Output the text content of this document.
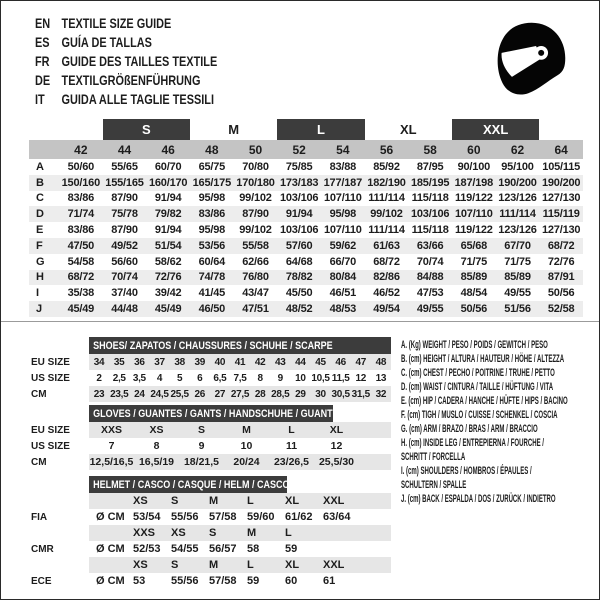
EN TEXTILE SIZE GUIDE
ES GUÍA DE TALLAS
FR GUIDE DES TAILLES TEXTILE
DE TEXTILGRÖßENFÜHRUNG
IT	GUIDA ALLE TAGLIE TESSILI
S	M	L	XL	XXL
42	44	46	48	50	52	54	56	58	60	62	64
A	50/60	55/65	60/70	65/75	70/80	75/85	83/88	85/92	87/95	90/100	95/100 105/115
B	150/160 155/165 160/170 165/175 170/180 173/183 177/187 182/190 185/195 187/198 190/200 190/200
C	83/86	87/90	91/94	95/98	99/102 103/106 107/110 111/114 115/118 119/122 123/126 127/130
D	71/74	75/78	79/82	83/86	87/90	91/94	95/98	99/102 103/106 107/110 111/114 115/119
E	83/86	87/90	91/94	95/98	99/102 103/106 107/110 111/114 115/118 119/122 123/126 127/130
F	47/50	49/52	51/54	53/56	55/58	57/60	59/62	61/63	63/66	65/68	67/70	68/72
G	54/58	56/60	58/62	60/64	62/66	64/68	66/70	68/72	70/74	71/75	71/75	72/76
H	68/72	70/74	72/76	74/78	76/80	78/82	80/84	82/86	84/88	85/89	85/89	87/91
I	35/38	37/40	39/42	41/45	43/47	45/50	46/51	46/52	47/53	48/54	49/55	50/56
J	45/49	44/48	45/49	46/50	47/51	48/52	48/53	49/54	49/55	50/56	51/56	52/58
SHOES/ ZAPATOS / CHAUSSURES / SCHUHE / SCARPE
EU SIZE	34 35 36 37 38 39 40 41 42 43 44 45 46 47 48
US SIZE	2	2,5 3,5	4	5	6	6,5 7,5	8	9	10 10,5 11,5 12 13
CM	23 23,5 24 24,5 25,5 26 27 27,5 28 28,5 29 30 30,5 31,5 32
GLOVES / GUANTES / GANTS / HANDSCHUHE / GUANTI
EU SIZE	XXS	XS	S	M	L	XL
US SIZE	7	8	9	10	11	12
CM	12,5/16,5 16,5/19 18/21,5	20/24	23/26,5 25,5/30
HELMET / CASCO / CASQUE / HELM / CASCO
XS	S	M	L	XL	XXL
FIA	Ø CM 53/54 55/56 57/58 59/60 61/62 63/64
XXS	XS	S	M	L
CMR	Ø CM 52/53 54/55 56/57 58	59
XS	S	M	L	XL	XXL
ECE	Ø CM 53	55/56 57/58 59	60	61
A. (Kg) WEIGHT / PESO / POIDS / GEWITCH / PESO
B. (cm) HEIGHT / ALTURA / HAUTEUR / HÖHE / ALTEZZA
C. (cm) CHEST / PECHO / POITRINE / TRUHE / PETTO
D. (cm) WAIST / CINTURA / TAILLE / HÜFTUNG / VITA
E. (cm) HIP / CADERA / HANCHE / HÜFTE / HIPS / BACINO
F. (cm) TIGH / MUSLO / CUISSE / SCHENKEL / COSCIA
G. (cm) ARM / BRAZO / BRAS / ARM / BRACCIO
H. (cm) INSIDE LEG / ENTREPIERNA / FOURCHE /
SCHRITT / FORCELLA
I. (cm) SHOULDERS / HOMBROS / ÉPAULES /
SCHULTERN / SPALLE
J. (cm) BACK / ESPALDA / DOS / ZURÜCK / INDIETRO
